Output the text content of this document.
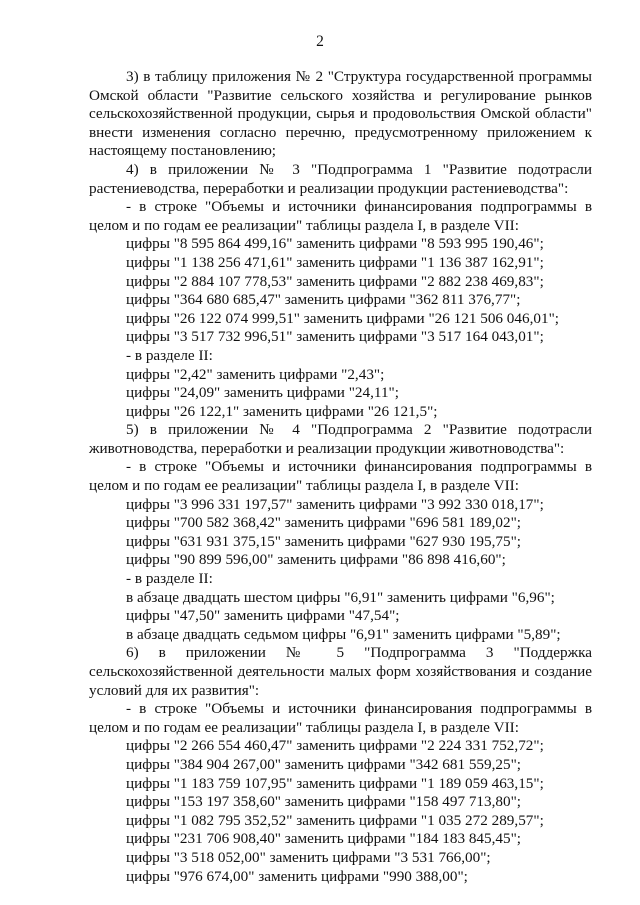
2

3) в таблицу приложения № 2 "Структура государственной программы Омской области "Развитие сельского хозяйства и регулирование рынков сельскохозяйственной продукции, сырья и продовольствия Омской области" внести изменения согласно перечню, предусмотренному приложением к настоящему постановлению;

4) в приложении № 3 "Подпрограмма 1 "Развитие подотрасли растениеводства, переработки и реализации продукции растениеводства":

- в строке "Объемы и источники финансирования подпрограммы в целом и по годам ее реализации" таблицы раздела I, в разделе VII:

цифры "8 595 864 499,16" заменить цифрами "8 593 995 190,46";

цифры "1 138 256 471,61" заменить цифрами "1 136 387 162,91";

цифры "2 884 107 778,53" заменить цифрами "2 882 238 469,83";

цифры "364 680 685,47" заменить цифрами "362 811 376,77";

цифры "26 122 074 999,51" заменить цифрами "26 121 506 046,01";

цифры "3 517 732 996,51" заменить цифрами "3 517 164 043,01";

- в разделе II:

цифры "2,42" заменить цифрами "2,43";

цифры "24,09" заменить цифрами "24,11";

цифры "26 122,1" заменить цифрами "26 121,5";

5) в приложении № 4 "Подпрограмма 2 "Развитие подотрасли животноводства, переработки и реализации продукции животноводства":

- в строке "Объемы и источники финансирования подпрограммы в целом и по годам ее реализации" таблицы раздела I, в разделе VII:

цифры "3 996 331 197,57" заменить цифрами "3 992 330 018,17";

цифры "700 582 368,42" заменить цифрами "696 581 189,02";

цифры "631 931 375,15" заменить цифрами "627 930 195,75";

цифры "90 899 596,00" заменить цифрами "86 898 416,60";

- в разделе II:

в абзаце двадцать шестом цифры "6,91" заменить цифрами "6,96";

цифры "47,50" заменить цифрами "47,54";

в абзаце двадцать седьмом цифры "6,91" заменить цифрами "5,89";

6) в приложении № 5 "Подпрограмма 3 "Поддержка сельскохозяйственной деятельности малых форм хозяйствования и создание условий для их развития":

- в строке "Объемы и источники финансирования подпрограммы в целом и по годам ее реализации" таблицы раздела I, в разделе VII:

цифры "2 266 554 460,47" заменить цифрами "2 224 331 752,72";

цифры "384 904 267,00" заменить цифрами "342 681 559,25";

цифры "1 183 759 107,95" заменить цифрами "1 189 059 463,15";

цифры "153 197 358,60" заменить цифрами "158 497 713,80";

цифры "1 082 795 352,52" заменить цифрами "1 035 272 289,57";

цифры "231 706 908,40" заменить цифрами "184 183 845,45";

цифры "3 518 052,00" заменить цифрами "3 531 766,00";

цифры "976 674,00" заменить цифрами "990 388,00";
